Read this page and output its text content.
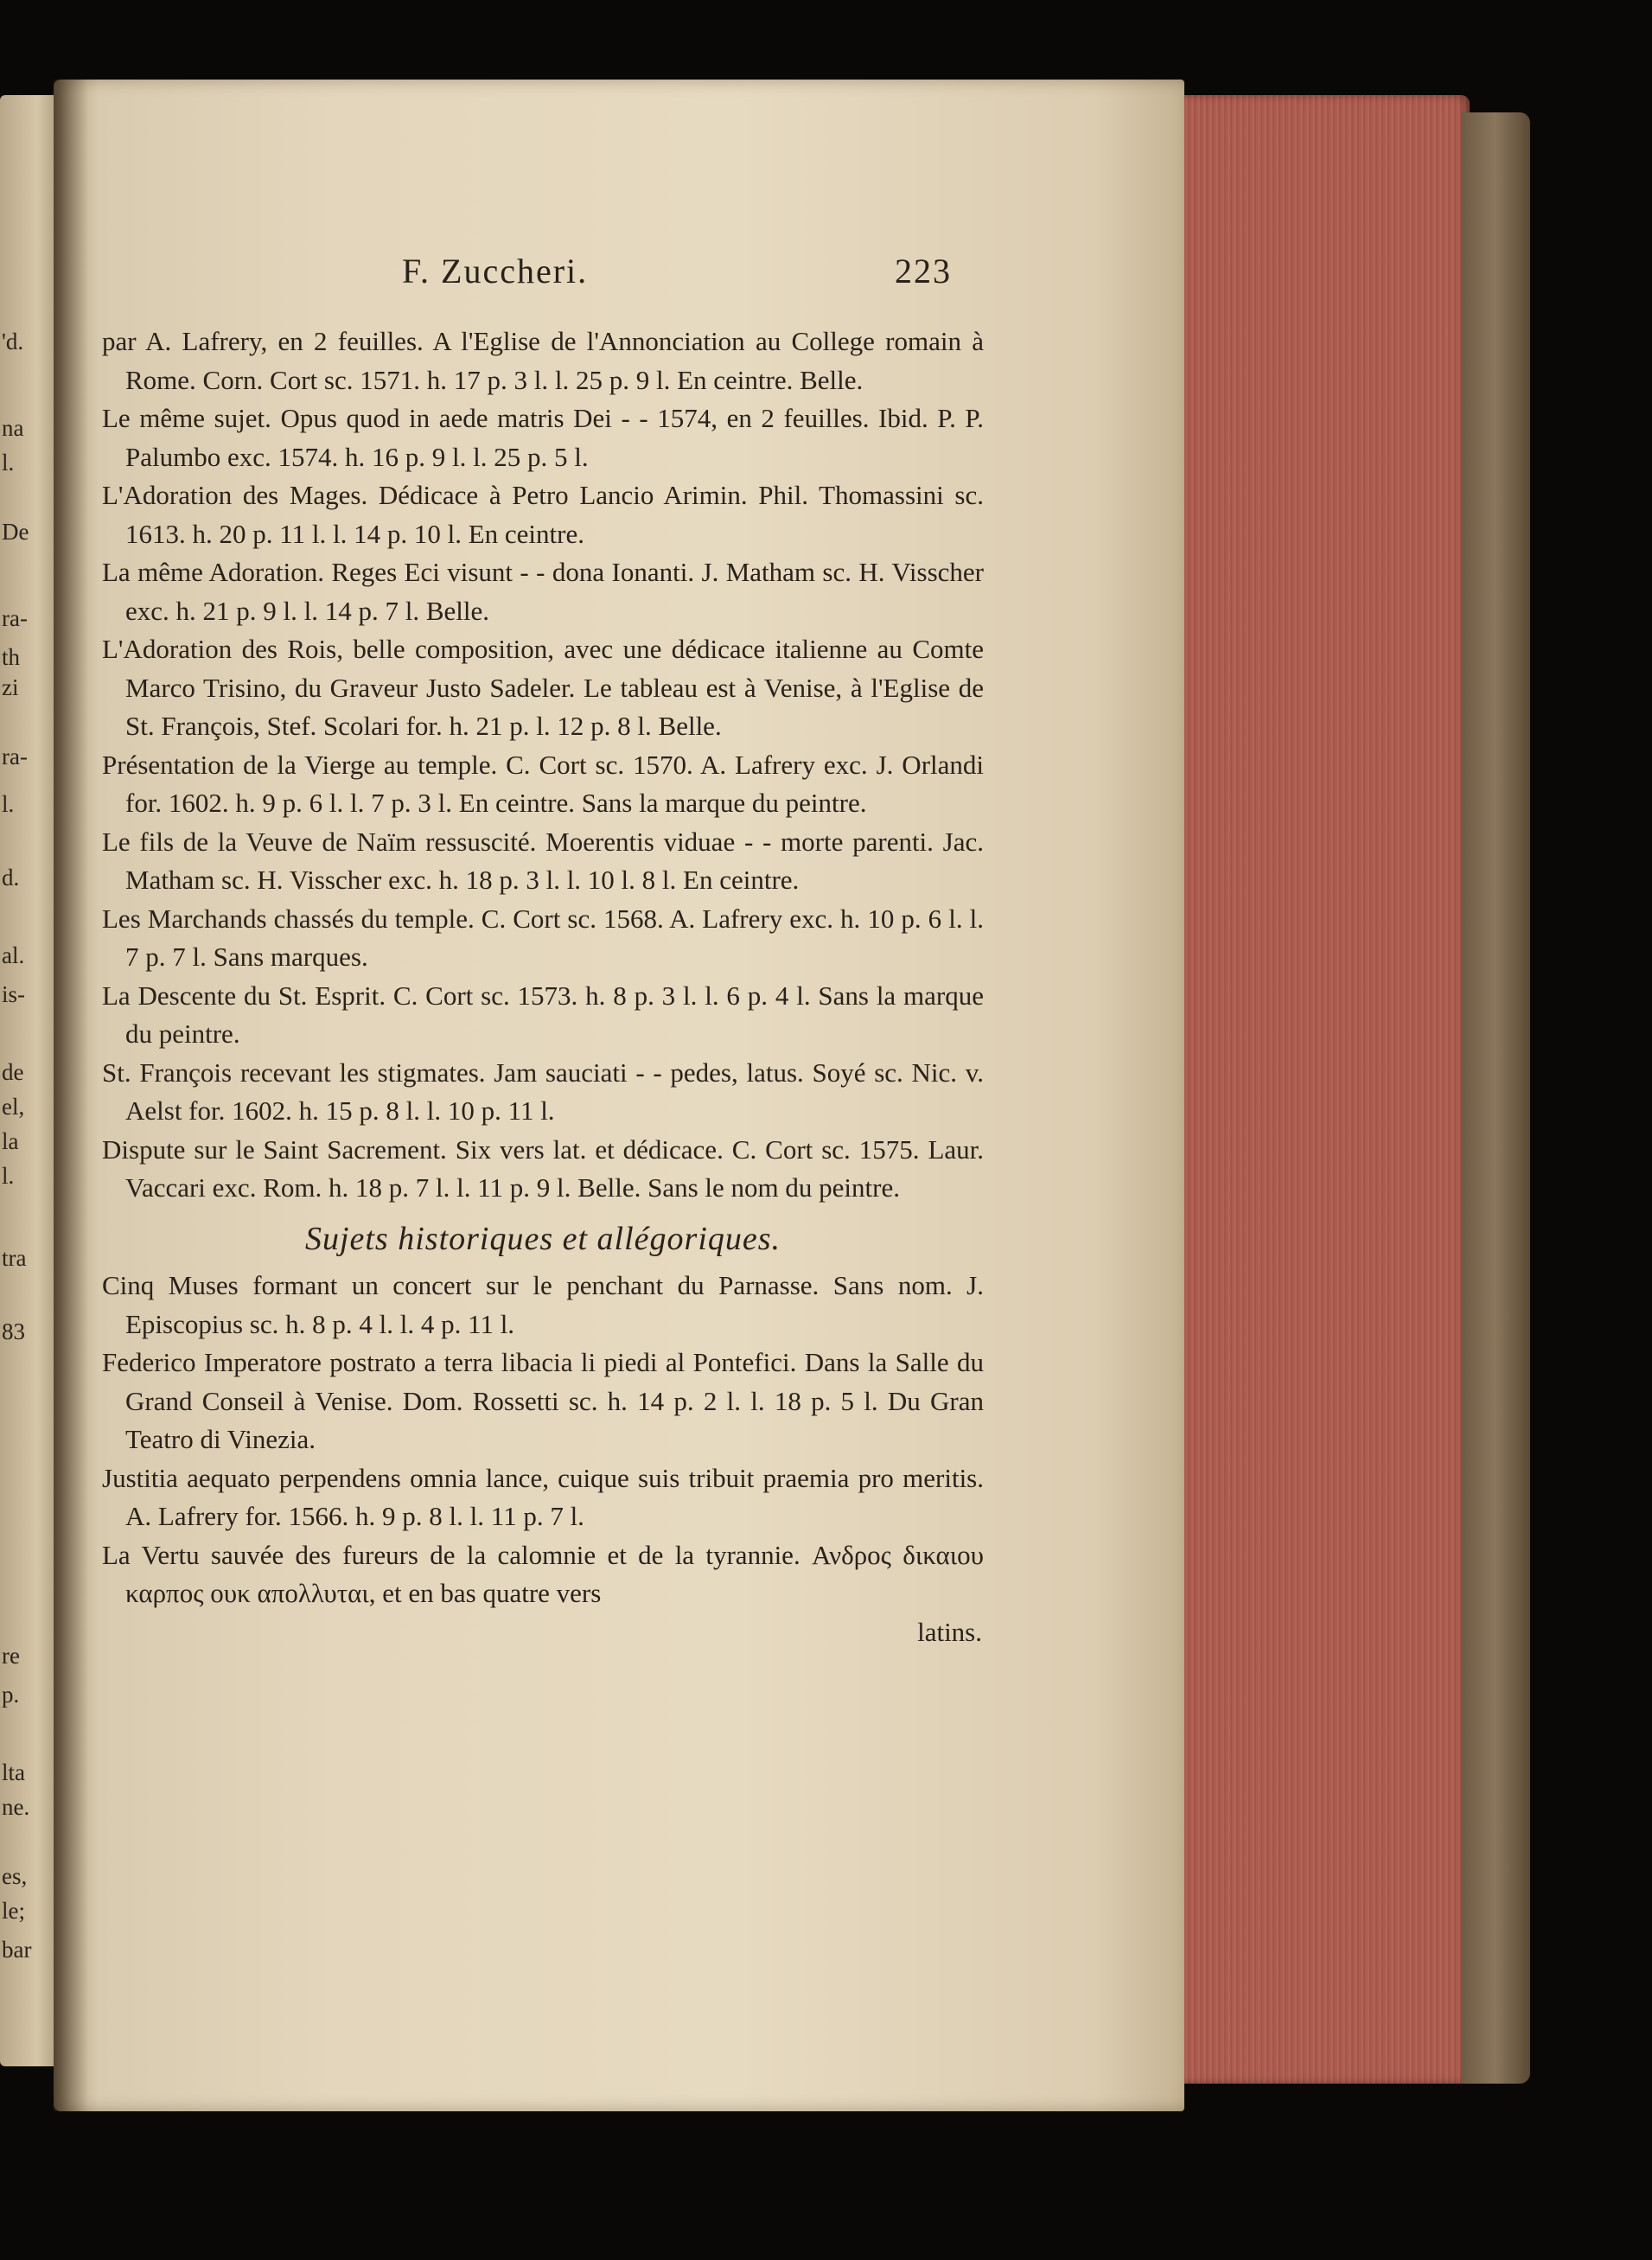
'd.
na
l.
De
ra-
th
zi
ra-
l.
d.
al.
is-
de
el,
la
l.
tra
83
re
p.
lta
ne.
es,
le;
bar
F. Zuccheri.	223

par A. Lafrery, en 2 feuilles. A l'Eglise de l'Annonciation au College romain à Rome. Corn. Cort sc. 1571. h. 17 p. 3 l. l. 25 p. 9 l. En ceintre. Belle.

Le même sujet. Opus quod in aede matris Dei - - 1574, en 2 feuilles. Ibid. P. P. Palumbo exc. 1574. h. 16 p. 9 l. l. 25 p. 5 l.

L'Adoration des Mages. Dédicace à Petro Lancio Arimin. Phil. Thomassini sc. 1613. h. 20 p. 11 l. l. 14 p. 10 l. En ceintre.

La même Adoration. Reges Eci visunt - - dona Ionanti. J. Matham sc. H. Visscher exc. h. 21 p. 9 l. l. 14 p. 7 l. Belle.

L'Adoration des Rois, belle composition, avec une dédicace italienne au Comte Marco Trisino, du Graveur Justo Sadeler. Le tableau est à Venise, à l'Eglise de St. François, Stef. Scolari for. h. 21 p. l. 12 p. 8 l. Belle.

Présentation de la Vierge au temple. C. Cort sc. 1570. A. Lafrery exc. J. Orlandi for. 1602. h. 9 p. 6 l. l. 7 p. 3 l. En ceintre. Sans la marque du peintre.

Le fils de la Veuve de Naïm ressuscité. Moerentis viduae - - morte parenti. Jac. Matham sc. H. Visscher exc. h. 18 p. 3 l. l. 10 l. 8 l. En ceintre.

Les Marchands chassés du temple. C. Cort sc. 1568. A. Lafrery exc. h. 10 p. 6 l. l. 7 p. 7 l. Sans marques.

La Descente du St. Esprit. C. Cort sc. 1573. h. 8 p. 3 l. l. 6 p. 4 l. Sans la marque du peintre.

St. François recevant les stigmates. Jam sauciati - - pedes, latus. Soyé sc. Nic. v. Aelst for. 1602. h. 15 p. 8 l. l. 10 p. 11 l.

Dispute sur le Saint Sacrement. Six vers lat. et dédicace. C. Cort sc. 1575. Laur. Vaccari exc. Rom. h. 18 p. 7 l. l. 11 p. 9 l. Belle. Sans le nom du peintre.

Sujets historiques et allégoriques.

Cinq Muses formant un concert sur le penchant du Parnasse. Sans nom. J. Episcopius sc. h. 8 p. 4 l. l. 4 p. 11 l.

Federico Imperatore postrato a terra libacia li piedi al Pontefici. Dans la Salle du Grand Conseil à Venise. Dom. Rossetti sc. h. 14 p. 2 l. l. 18 p. 5 l. Du Gran Teatro di Vinezia.

Justitia aequato perpendens omnia lance, cuique suis tribuit praemia pro meritis. A. Lafrery for. 1566. h. 9 p. 8 l. l. 11 p. 7 l.

La Vertu sauvée des fureurs de la calomnie et de la tyrannie. Ανδρος δικαιου καρπος ουκ απολλυται, et en bas quatre vers

latins.
